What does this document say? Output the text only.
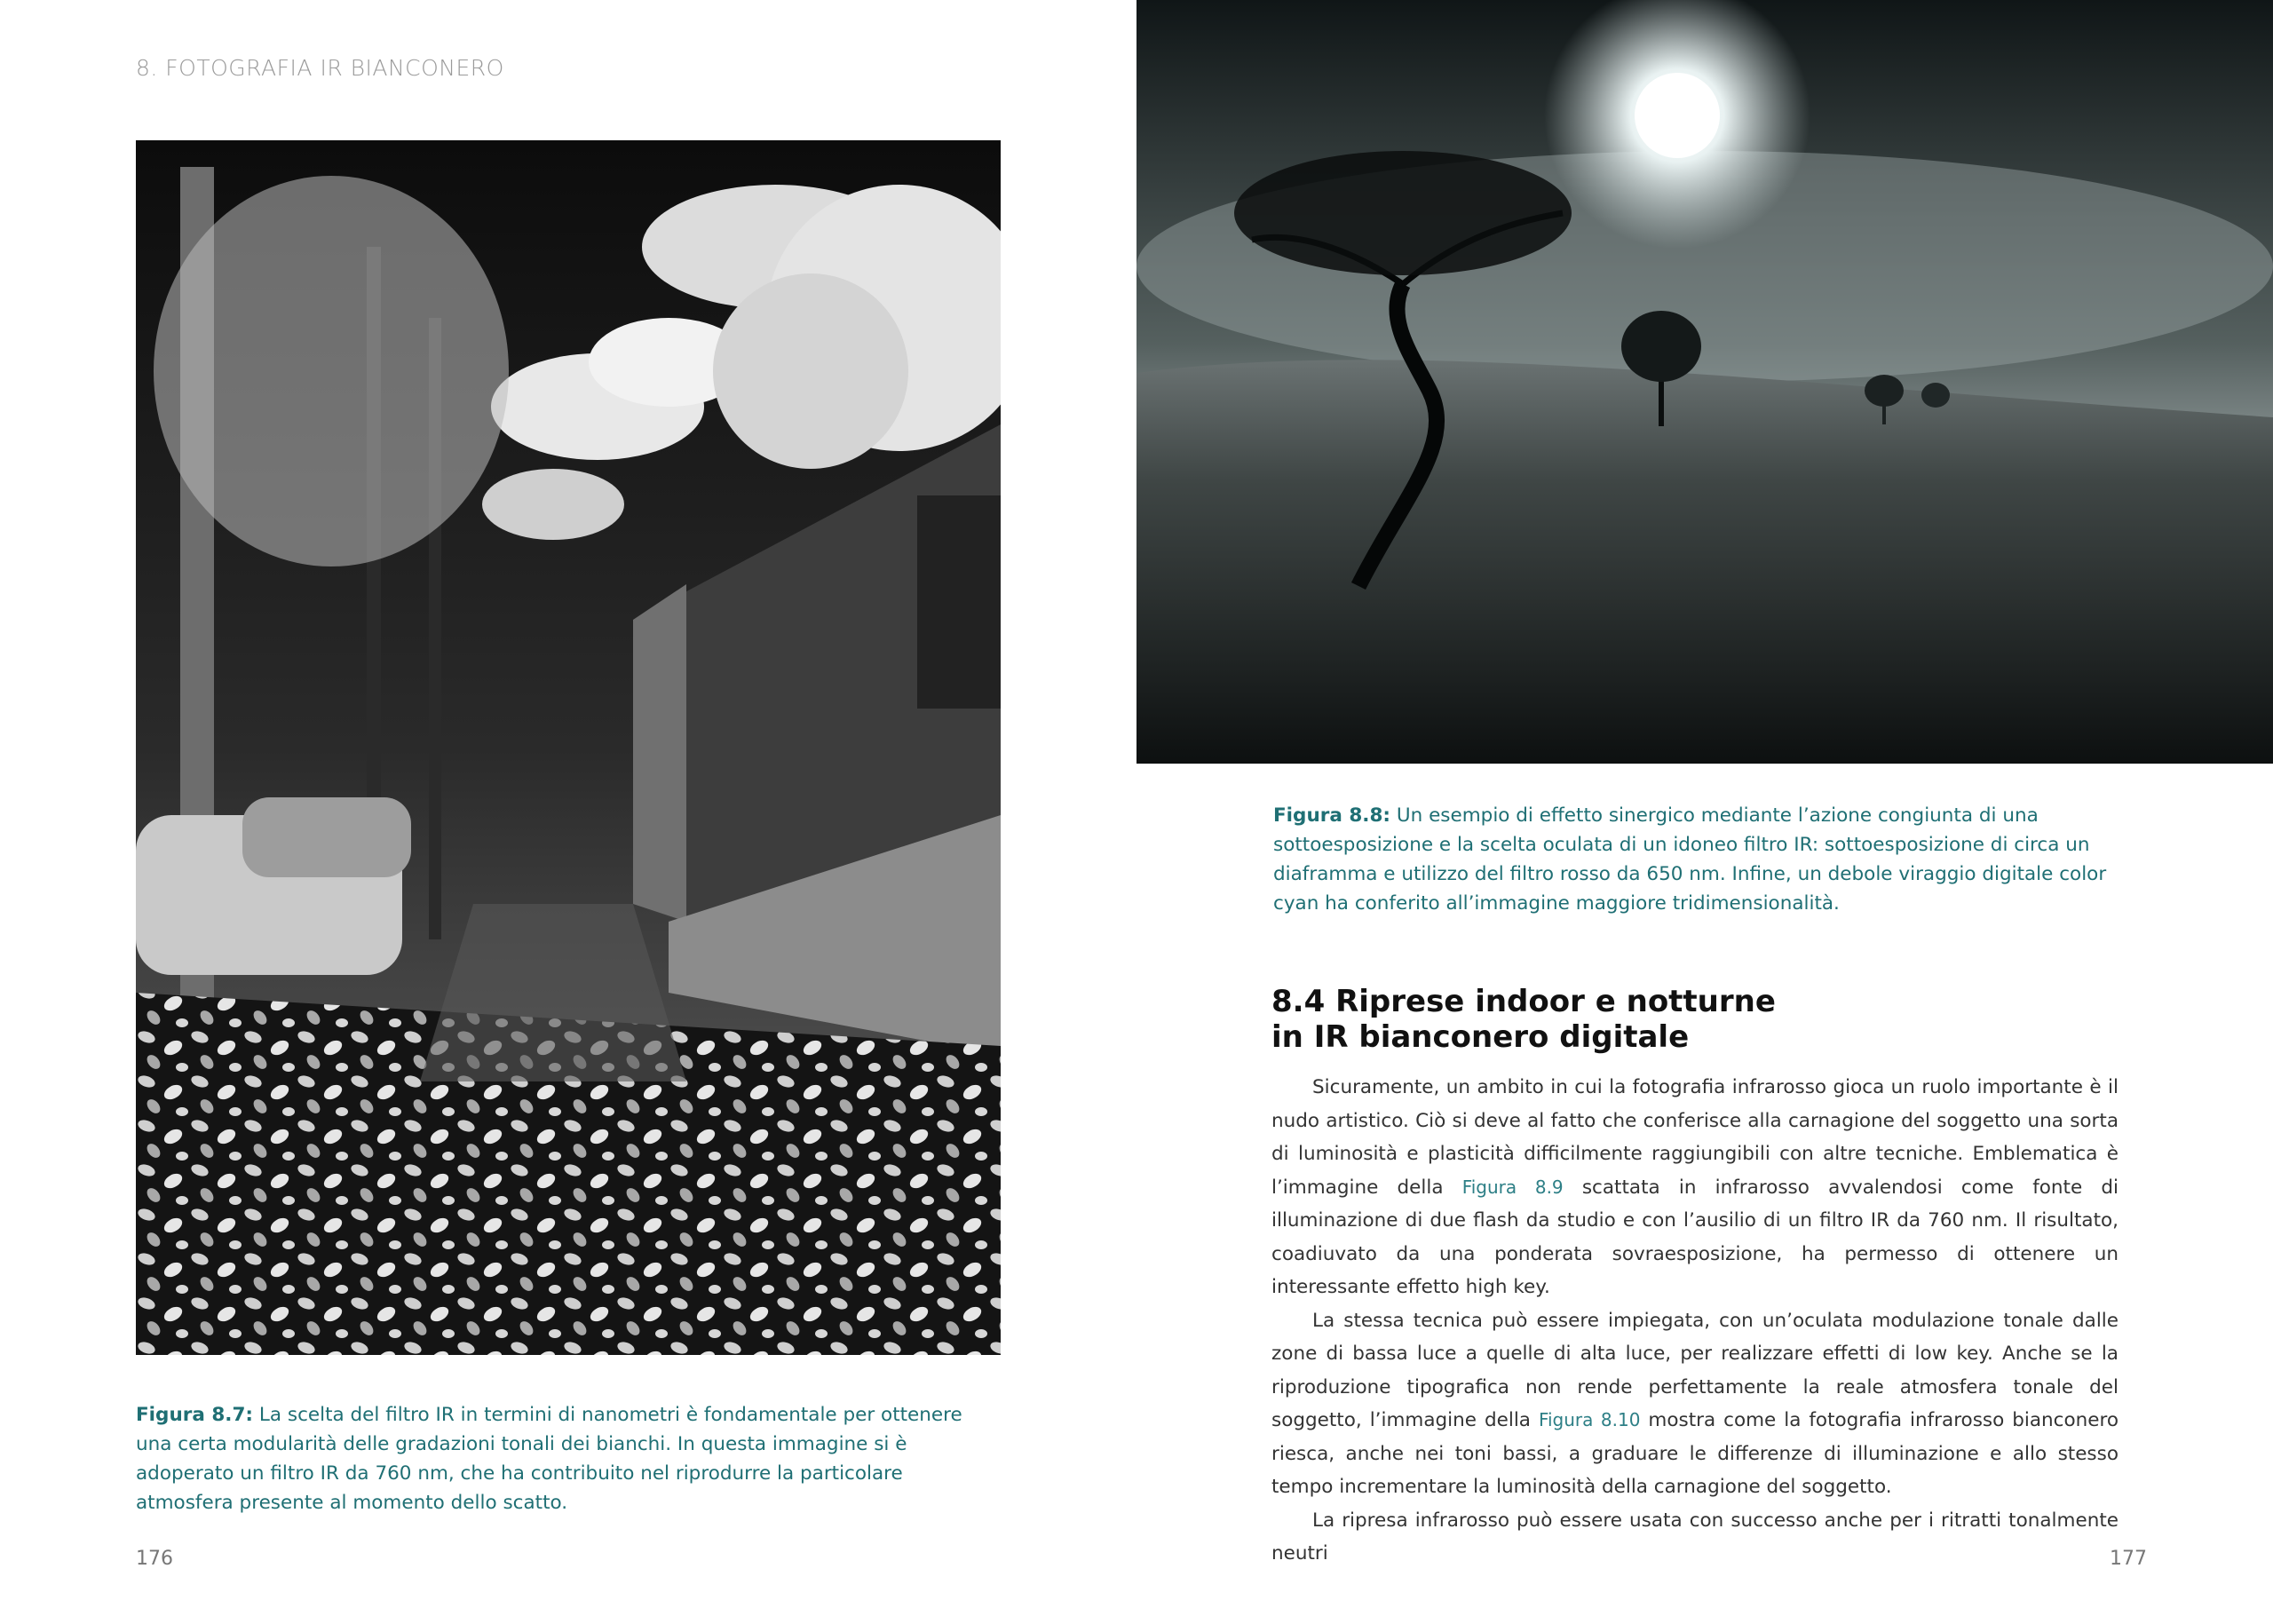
8. FOTOGRAFIA IR BIANCONERO
Figura 8.7: La scelta del filtro IR in termini di nanometri è fondamentale per ottenere una certa modularità delle gradazioni tonali dei bianchi. In questa immagine si è adoperato un filtro IR da 760 nm, che ha contribuito nel riprodurre la particolare atmosfera presente al momento dello scatto.
176
Figura 8.8: Un esempio di effetto sinergico mediante l’azione congiunta di una sottoesposizione e la scelta oculata di un idoneo filtro IR: sottoesposizione di circa un diaframma e utilizzo del filtro rosso da 650 nm. Infine, un debole viraggio digitale color cyan ha conferito all’immagine maggiore tridimensionalità.
8.4 Riprese indoor e notturne
in IR bianconero digitale

Sicuramente, un ambito in cui la fotografia infrarosso gioca un ruolo importante è il nudo artistico. Ciò si deve al fatto che conferisce alla carnagione del soggetto una sorta di luminosità e plasticità difficilmente raggiungibili con altre tecniche. Emblematica è l’immagine della Figura 8.9 scattata in infrarosso avvalendosi come fonte di illuminazione di due flash da studio e con l’ausilio di un filtro IR da 760 nm. Il risultato, coadiuvato da una ponderata sovraesposizione, ha permesso di ottenere un interessante effetto high key.

La stessa tecnica può essere impiegata, con un’oculata modulazione tonale dalle zone di bassa luce a quelle di alta luce, per realizzare effetti di low key. Anche se la riproduzione tipografica non rende perfettamente la reale atmosfera tonale del soggetto, l’immagine della Figura 8.10 mostra come la fotografia infrarosso bianconero riesca, anche nei toni bassi, a graduare le differenze di illuminazione e allo stesso tempo incrementare la luminosità della carnagione del soggetto.

La ripresa infrarosso può essere usata con successo anche per i ritratti tonalmente neutri	177
